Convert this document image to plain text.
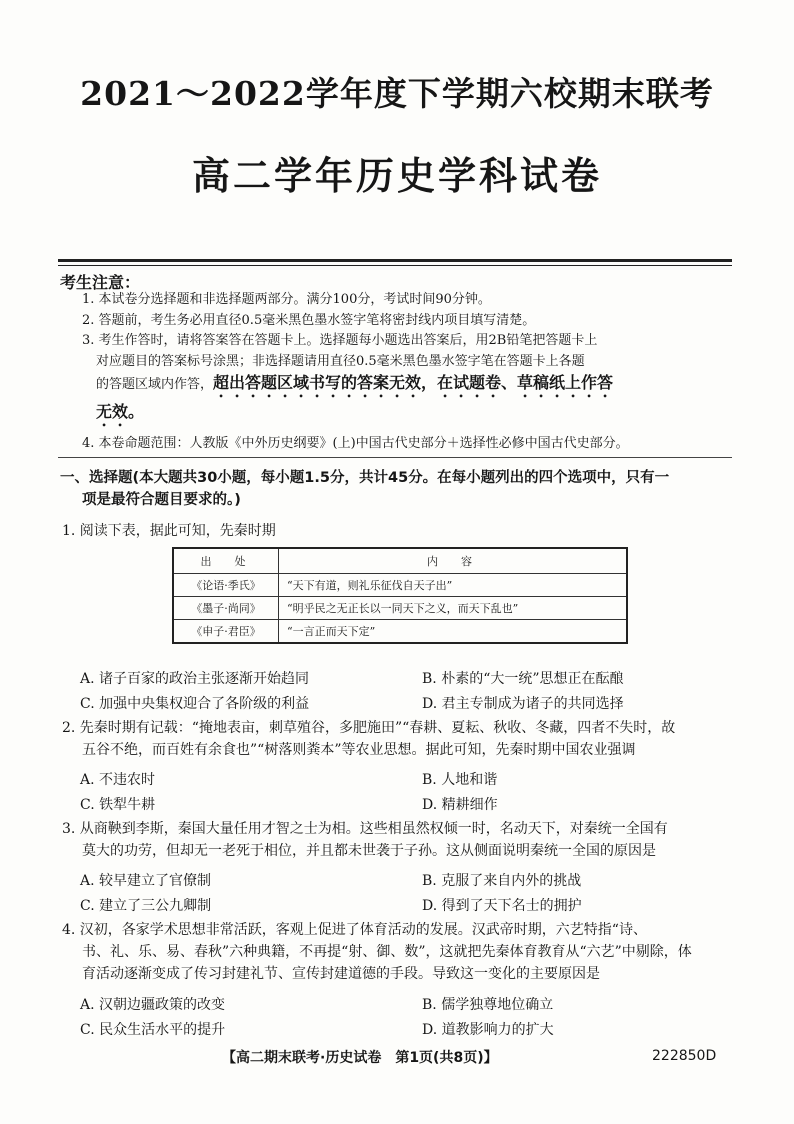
2021～2022学年度下学期六校期末联考
高二学年历史学科试卷
考生注意：

1. 本试卷分选择题和非选择题两部分。满分100分，考试时间90分钟。

2. 答题前，考生务必用直径0.5毫米黑色墨水签字笔将密封线内项目填写清楚。

3. 考生作答时，请将答案答在答题卡上。选择题每小题选出答案后，用2B铅笔把答题卡上

对应题目的答案标号涂黑；非选择题请用直径0.5毫米黑色墨水签字笔在答题卡上各题

的答题区域内作答，超出答题区域书写的答案无效，在试题卷、草稿纸上作答

无效。

4. 本卷命题范围：人教版《中外历史纲要》(上)中国古代史部分＋选择性必修中国古代史部分。

一、选择题(本大题共30小题，每小题1.5分，共计45分。在每小题列出的四个选项中，只有一
项是最符合题目要求的。)
1. 阅读下表，据此可知，先秦时期
出　处	内　容
《论语·季氏》	“天下有道，则礼乐征伐自天子出”
《墨子·尚同》	“明乎民之无正长以一同天下之义，而天下乱也”
《申子·君臣》	“一言正而天下定”
A. 诸子百家的政治主张逐渐开始趋同	B. 朴素的“大一统”思想正在酝酿
C. 加强中央集权迎合了各阶级的利益	D. 君主专制成为诸子的共同选择
2. 先秦时期有记载：“掩地表亩，刺草殖谷，多肥施田”“春耕、夏耘、秋收、冬藏，四者不失时，故
五谷不绝，而百姓有余食也”“树落则粪本”等农业思想。据此可知，先秦时期中国农业强调
A. 不违农时	B. 人地和谐
C. 铁犁牛耕	D. 精耕细作
3. 从商鞅到李斯，秦国大量任用才智之士为相。这些相虽然权倾一时，名动天下，对秦统一全国有
莫大的功劳，但却无一老死于相位，并且都未世袭于子孙。这从侧面说明秦统一全国的原因是
A. 较早建立了官僚制	B. 克服了来自内外的挑战
C. 建立了三公九卿制	D. 得到了天下名士的拥护
4. 汉初，各家学术思想非常活跃，客观上促进了体育活动的发展。汉武帝时期，六艺特指“诗、
书、礼、乐、易、春秋”六种典籍，不再提“射、御、数”，这就把先秦体育教育从“六艺”中剔除，体
育活动逐渐变成了传习封建礼节、宣传封建道德的手段。导致这一变化的主要原因是
A. 汉朝边疆政策的改变	B. 儒学独尊地位确立
C. 民众生活水平的提升	D. 道教影响力的扩大
【高二期末联考·历史试卷　第1页(共8页)】	222850D
